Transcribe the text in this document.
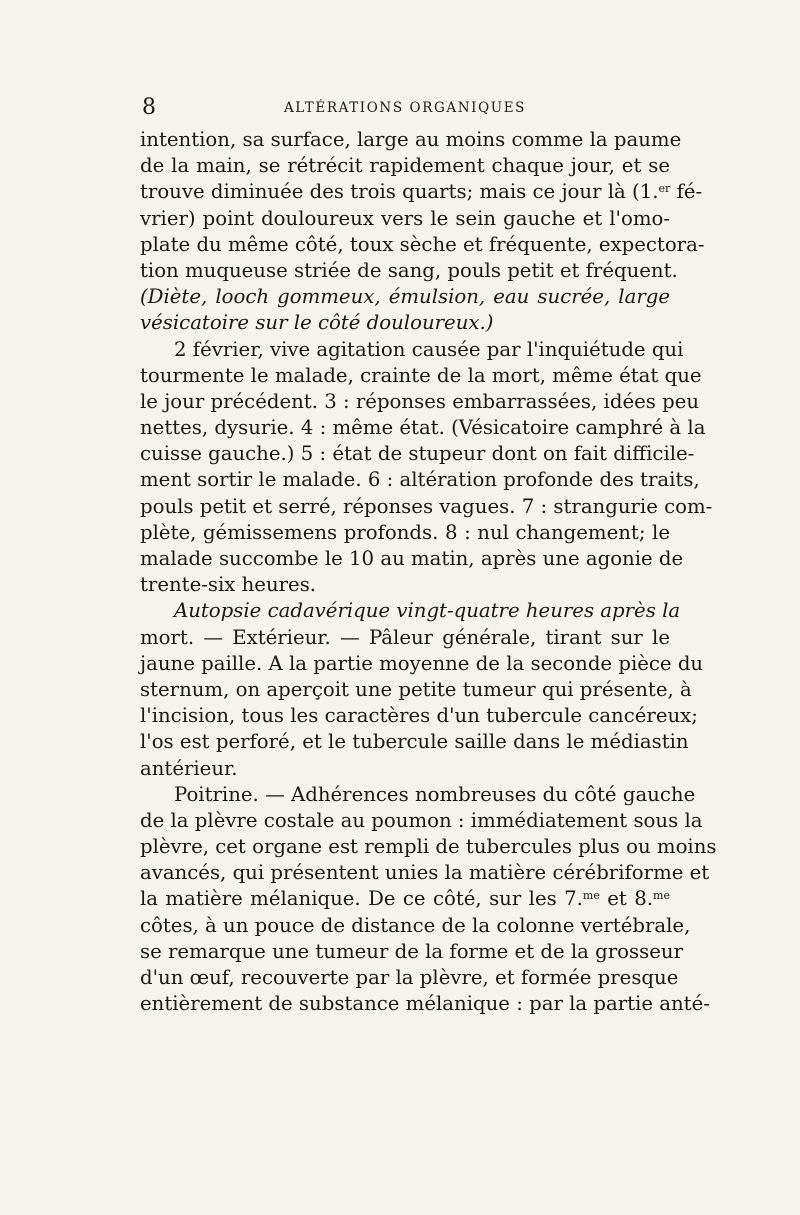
8	ALTÉRATIONS ORGANIQUES
intention, sa surface, large au moins comme la paume
de la main, se rétrécit rapidement chaque jour, et se
trouve diminuée des trois quarts; mais ce jour là (1.$^{er}$ fé-
vrier) point douloureux vers le sein gauche et l'omo-
plate du même côté, toux sèche et fréquente, expectora-
tion muqueuse striée de sang, pouls petit et fréquent.
(Diète, looch gommeux, émulsion, eau sucrée, large
vésicatoire sur le côté douloureux.)
2 février, vive agitation causée par l'inquiétude qui
tourmente le malade, crainte de la mort, même état que
le jour précédent. 3 : réponses embarrassées, idées peu
nettes, dysurie. 4 : même état. (Vésicatoire camphré à la
cuisse gauche.) 5 : état de stupeur dont on fait difficile-
ment sortir le malade. 6 : altération profonde des traits,
pouls petit et serré, réponses vagues. 7 : strangurie com-
plète, gémissemens profonds. 8 : nul changement; le
malade succombe le 10 au matin, après une agonie de
trente-six heures.
Autopsie cadavérique vingt-quatre heures après la
mort. — Extérieur. — Pâleur générale, tirant sur le
jaune paille. A la partie moyenne de la seconde pièce du
sternum, on aperçoit une petite tumeur qui présente, à
l'incision, tous les caractères d'un tubercule cancéreux;
l'os est perforé, et le tubercule saille dans le médiastin
antérieur.
Poitrine. — Adhérences nombreuses du côté gauche
de la plèvre costale au poumon : immédiatement sous la
plèvre, cet organe est rempli de tubercules plus ou moins
avancés, qui présentent unies la matière cérébriforme et
la matière mélanique. De ce côté, sur les 7.$^{me}$ et 8.$^{me}$
côtes, à un pouce de distance de la colonne vertébrale,
se remarque une tumeur de la forme et de la grosseur
d'un œuf, recouverte par la plèvre, et formée presque
entièrement de substance mélanique : par la partie anté-
